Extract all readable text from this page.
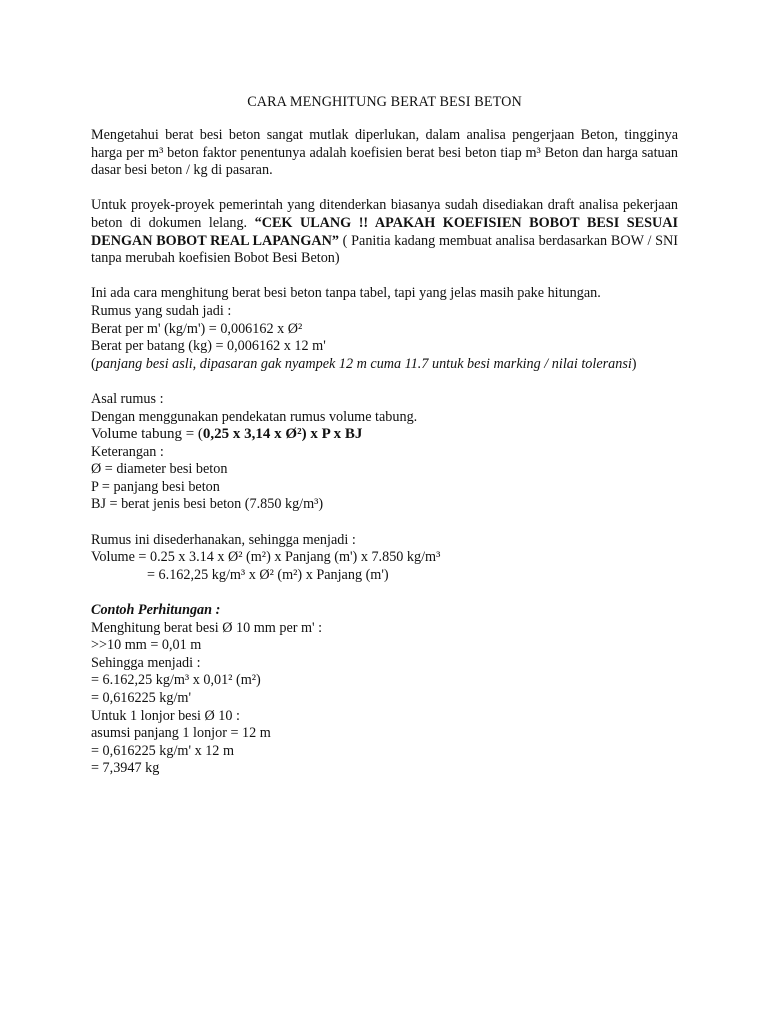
CARA MENGHITUNG BERAT BESI BETON

Mengetahui berat besi beton sangat mutlak diperlukan, dalam analisa pengerjaan Beton, tingginya harga per m³ beton faktor penentunya adalah koefisien berat besi beton tiap m³ Beton dan harga satuan dasar besi beton / kg di pasaran.

Untuk proyek-proyek pemerintah yang ditenderkan biasanya sudah disediakan draft analisa pekerjaan beton di dokumen lelang. “CEK ULANG !! APAKAH KOEFISIEN BOBOT BESI SESUAI DENGAN BOBOT REAL LAPANGAN” ( Panitia kadang membuat analisa berdasarkan BOW / SNI tanpa merubah koefisien Bobot Besi Beton)

Ini ada cara menghitung berat besi beton tanpa tabel, tapi yang jelas masih pake hitungan.
Rumus yang sudah jadi :
Berat per m' (kg/m') = 0,006162 x Ø²
Berat per batang (kg) = 0,006162 x 12 m'
(panjang besi asli, dipasaran gak nyampek 12 m cuma 11.7 untuk besi marking / nilai toleransi)
Asal rumus :
Dengan menggunakan pendekatan rumus volume tabung.
Volume tabung = (0,25 x 3,14 x Ø²) x P x BJ
Keterangan :
Ø = diameter besi beton
P = panjang besi beton
BJ = berat jenis besi beton (7.850 kg/m³)
Rumus ini disederhanakan, sehingga menjadi :
Volume = 0.25 x 3.14 x Ø² (m²) x Panjang (m') x 7.850 kg/m³
= 6.162,25 kg/m³ x Ø² (m²) x Panjang (m')
Contoh Perhitungan :
Menghitung berat besi Ø 10 mm per m' :
>>10 mm = 0,01 m
Sehingga menjadi :
= 6.162,25 kg/m³ x 0,01² (m²)
= 0,616225 kg/m'
Untuk 1 lonjor besi Ø 10 :
asumsi panjang 1 lonjor = 12 m
= 0,616225 kg/m' x 12 m
= 7,3947 kg
